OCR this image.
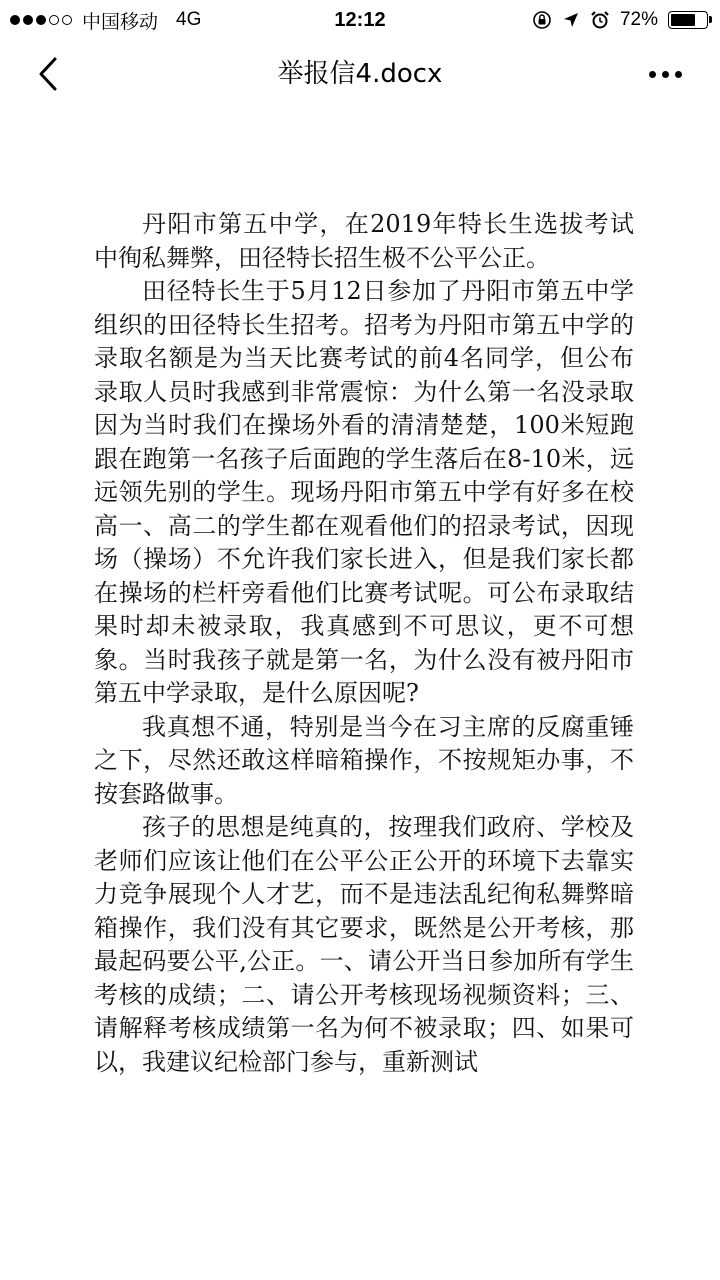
中国移动 4G	12:12	72%
举报信4.docx

丹阳市第五中学，在2019年特长生选拔考试中徇私舞弊，田径特长招生极不公平公正。

田径特长生于5月12日参加了丹阳市第五中学组织的田径特长生招考。招考为丹阳市第五中学的录取名额是为当天比赛考试的前4名同学，但公布录取人员时我感到非常震惊：为什么第一名没录取因为当时我们在操场外看的清清楚楚，100米短跑跟在跑第一名孩子后面跑的学生落后在8-10米，远远领先别的学生。现场丹阳市第五中学有好多在校高一、高二的学生都在观看他们的招录考试，因现场（操场）不允许我们家长进入，但是我们家长都在操场的栏杆旁看他们比赛考试呢。可公布录取结果时却未被录取，我真感到不可思议，更不可想象。当时我孩子就是第一名，为什么没有被丹阳市第五中学录取，是什么原因呢?

我真想不通，特别是当今在习主席的反腐重锤之下，尽然还敢这样暗箱操作，不按规矩办事，不按套路做事。

孩子的思想是纯真的，按理我们政府、学校及老师们应该让他们在公平公正公开的环境下去靠实力竞争展现个人才艺，而不是违法乱纪徇私舞弊暗箱操作，我们没有其它要求，既然是公开考核，那最起码要公平,公正。一、请公开当日参加所有学生考核的成绩；二、请公开考核现场视频资料；三、请解释考核成绩第一名为何不被录取；四、如果可以，我建议纪检部门参与，重新测试
